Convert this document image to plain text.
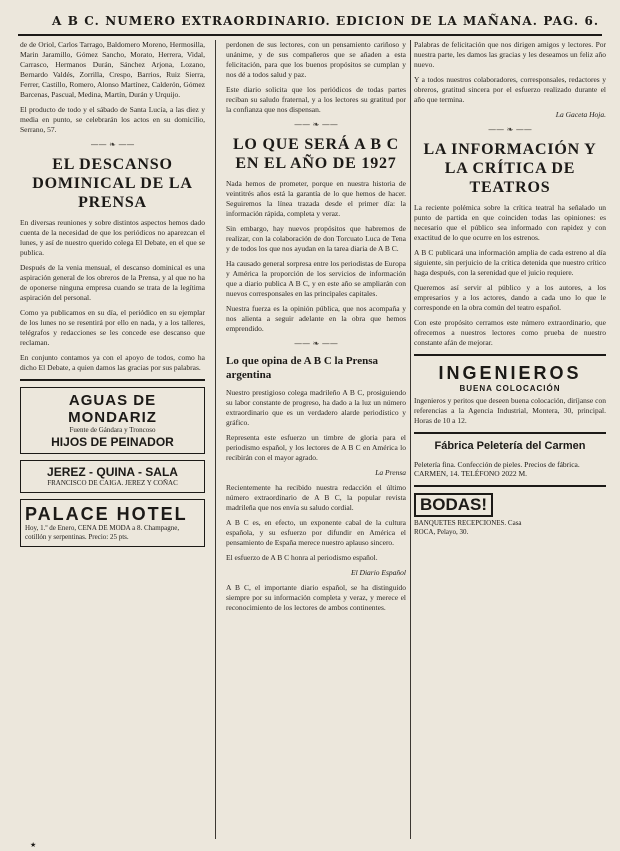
A B C. NUMERO EXTRAORDINARIO. EDICION DE LA MAÑANA. PAG. 6.

de de Oriol, Carlos Tarrago, Baldomero Moreno, Hermosilla, Marin Jaramillo, Gómez Sancho, Morato, Herrera, Vidal, Carrasco, Hermanos Durán, Sánchez Arjona, Lozano, Bernardo Valdés, Zorrilla, Crespo, Barrios, Ruiz Sierra, Ferrer, Castillo, Romero, Alonso Martínez, Calderón, Gómez Barcenas, Pascual, Medina, Martín, Durán y Urquijo.

El producto de todo y el sábado de Santa Lucía, a las diez y media en punto, se celebrarán los actos en su domicilio, Serrano, 57.

—— ❧ ——
EL DESCANSO DOMINICAL DE LA PRENSA

En diversas reuniones y sobre distintos aspectos hemos dado cuenta de la necesidad de que los periódicos no aparezcan el lunes, y así de nuestro querido colega El Debate, en el que se publica.

Después de la venia mensual, el descanso dominical es una aspiración general de los obreros de la Prensa, y al que no ha de oponerse ninguna empresa cuando se trata de la legítima aspiración del personal.

Como ya publicamos en su día, el periódico en su ejemplar de los lunes no se resentirá por ello en nada, y a los talleres, telégrafos y redacciones se les concede ese descanso que reclaman.

En conjunto contamos ya con el apoyo de todos, como ha dicho El Debate, a quien damos las gracias por sus palabras.

AGUAS DE MONDARIZ
Fuente de Gándara y Troncoso
HIJOS DE PEINADOR
JEREZ - QUINA - SALA
FRANCISCO DE CAIGA. JEREZ Y COÑAC
PALACE HOTEL
Hoy, 1.º de Enero, CENA DE MODA a 8. Champagne, cotillón y serpentinas. Precio: 25 pts.

perdonen de sus lectores, con un pensamiento cariñoso y unánime, y de sus compañeros que se añaden a esta felicitación, para que los buenos propósitos se cumplan y nos dé a todos salud y paz.

Este diario solicita que los periódicos de todas partes reciban su saludo fraternal, y a los lectores su gratitud por la confianza que nos dispensan.

—— ❧ ——
LO QUE SERÁ A B C EN EL AÑO DE 1927

Nada hemos de prometer, porque en nuestra historia de veintitrés años está la garantía de lo que hemos de hacer. Seguiremos la línea trazada desde el primer día: la información rápida, completa y veraz.

Sin embargo, hay nuevos propósitos que habremos de realizar, con la colaboración de don Torcuato Luca de Tena y de todos los que nos ayudan en la tarea diaria de A B C.

Ha causado general sorpresa entre los periodistas de Europa y América la proporción de los servicios de información que a diario publica A B C, y en este año se ampliarán con nuevos corresponsales en las principales capitales.

Nuestra fuerza es la opinión pública, que nos acompaña y nos alienta a seguir adelante en la obra que hemos emprendido.

—— ❧ ——
Lo que opina de A B C la Prensa argentina

Nuestro prestigioso colega madrileño A B C, prosiguiendo su labor constante de progreso, ha dado a la luz un número extraordinario que es un verdadero alarde periodístico y gráfico.

Representa este esfuerzo un timbre de gloria para el periodismo español, y los lectores de A B C en América lo recibirán con el mayor agrado.

La Prensa

Recientemente ha recibido nuestra redacción el último número extraordinario de A B C, la popular revista madrileña que nos envía su saludo cordial.

A B C es, en efecto, un exponente cabal de la cultura española, y su esfuerzo por difundir en América el pensamiento de España merece nuestro aplauso sincero.

El esfuerzo de A B C honra al periodismo español.

El Diario Español

A B C, el importante diario español, se ha distinguido siempre por su información completa y veraz, y merece el reconocimiento de los lectores de ambos continentes.

Palabras de felicitación que nos dirigen amigos y lectores. Por nuestra parte, les damos las gracias y les deseamos un feliz año nuevo.

Y a todos nuestros colaboradores, corresponsales, redactores y obreros, gratitud sincera por el esfuerzo realizado durante el año que termina.

La Gaceta Hoja.

—— ❧ ——
LA INFORMACIÓN Y LA CRÍTICA DE TEATROS

La reciente polémica sobre la crítica teatral ha señalado un punto de partida en que coinciden todas las opiniones: es necesario que el público sea informado con rapidez y con exactitud de lo que ocurre en los estrenos.

A B C publicará una información amplia de cada estreno al día siguiente, sin perjuicio de la crítica detenida que nuestro crítico haga después, con la serenidad que el juicio requiere.

Queremos así servir al público y a los autores, a los empresarios y a los actores, dando a cada uno lo que le corresponde en la obra común del teatro español.

Con este propósito cerramos este número extraordinario, que ofrecemos a nuestros lectores como prueba de nuestro constante afán de mejorar.

INGENIEROS
BUENA COLOCACIÓN

Ingenieros y peritos que deseen buena colocación, diríjanse con referencias a la Agencia Industrial, Montera, 30, principal. Horas de 10 a 12.

Fábrica Peletería del Carmen

Peletería fina. Confección de pieles. Precios de fábrica. CARMEN, 14. TELÉFONO 2022 M.

BODAS! BANQUETES RECEPCIONES. Casa ROCA, Pelayo, 30.
★
